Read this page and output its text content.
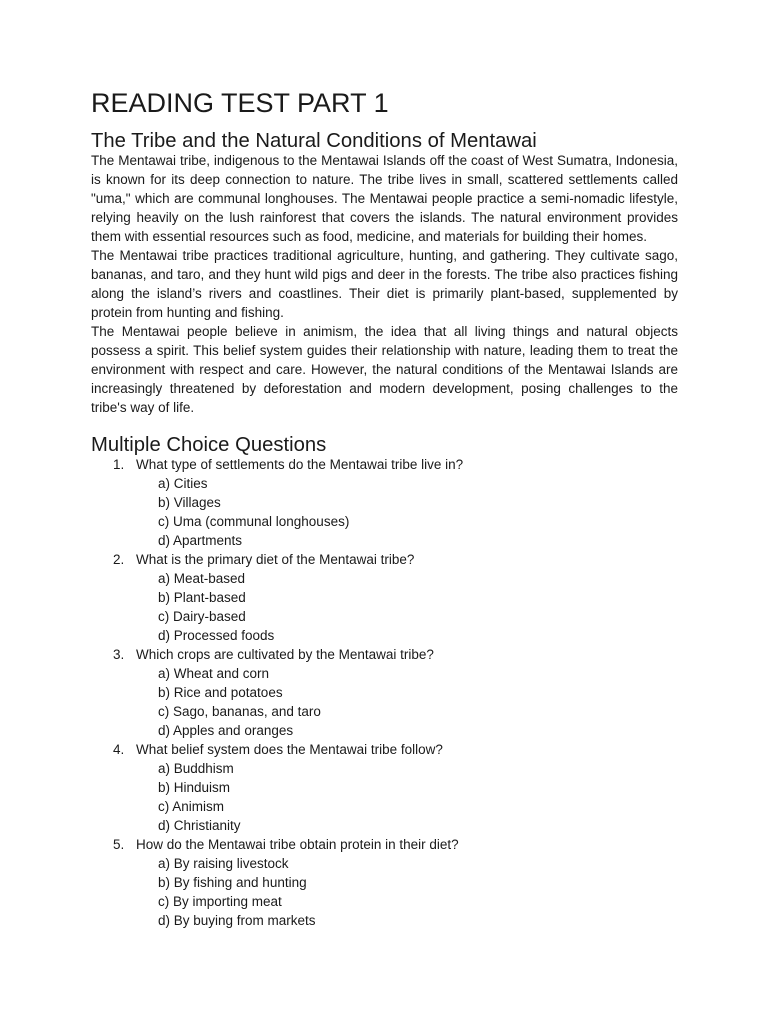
READING TEST PART 1
The Tribe and the Natural Conditions of Mentawai

The Mentawai tribe, indigenous to the Mentawai Islands off the coast of West Sumatra, Indonesia, is known for its deep connection to nature. The tribe lives in small, scattered settlements called "uma," which are communal longhouses. The Mentawai people practice a semi-nomadic lifestyle, relying heavily on the lush rainforest that covers the islands. The natural environment provides them with essential resources such as food, medicine, and materials for building their homes.

The Mentawai tribe practices traditional agriculture, hunting, and gathering. They cultivate sago, bananas, and taro, and they hunt wild pigs and deer in the forests. The tribe also practices fishing along the island’s rivers and coastlines. Their diet is primarily plant-based, supplemented by protein from hunting and fishing.

The Mentawai people believe in animism, the idea that all living things and natural objects possess a spirit. This belief system guides their relationship with nature, leading them to treat the environment with respect and care. However, the natural conditions of the Mentawai Islands are increasingly threatened by deforestation and modern development, posing challenges to the tribe's way of life.

Multiple Choice Questions
1. What type of settlements do the Mentawai tribe live in?
a) Cities
b) Villages
c) Uma (communal longhouses)
d) Apartments
2. What is the primary diet of the Mentawai tribe?
a) Meat-based
b) Plant-based
c) Dairy-based
d) Processed foods
3. Which crops are cultivated by the Mentawai tribe?
a) Wheat and corn
b) Rice and potatoes
c) Sago, bananas, and taro
d) Apples and oranges
4. What belief system does the Mentawai tribe follow?
a) Buddhism
b) Hinduism
c) Animism
d) Christianity
5. How do the Mentawai tribe obtain protein in their diet?
a) By raising livestock
b) By fishing and hunting
c) By importing meat
d) By buying from markets
